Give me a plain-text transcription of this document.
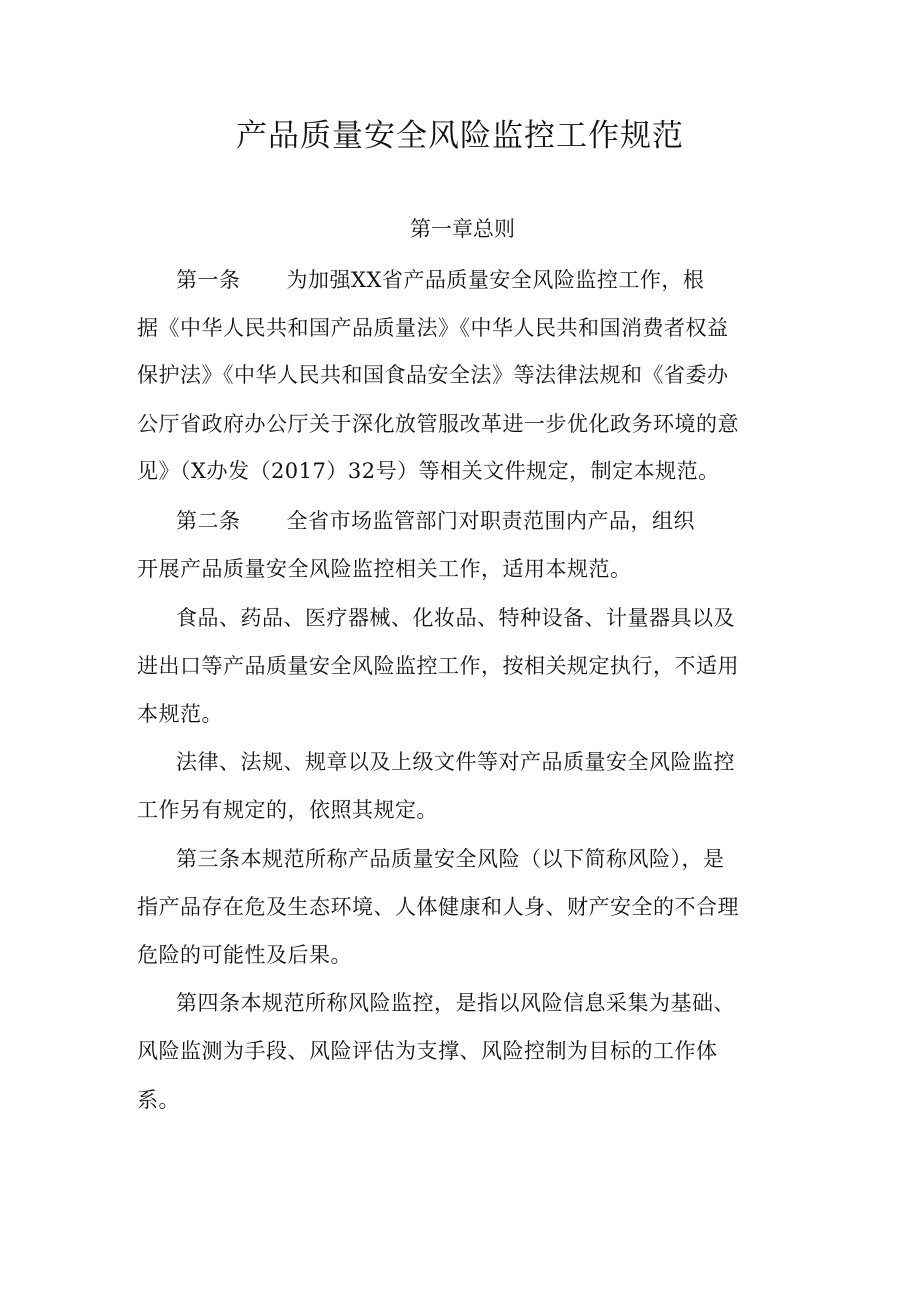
产品质量安全风险监控工作规范
第一章总则
第一条 为加强XX省产品质量安全风险监控工作，根
据《中华人民共和国产品质量法》《中华人民共和国消费者权益
保护法》《中华人民共和国食品安全法》等法律法规和《省委办
公厅省政府办公厅关于深化放管服改革进一步优化政务环境的意
见》（X办发（2017）32号）等相关文件规定，制定本规范。
第二条 全省市场监管部门对职责范围内产品，组织
开展产品质量安全风险监控相关工作，适用本规范。
食品、药品、医疗器械、化妆品、特种设备、计量器具以及
进出口等产品质量安全风险监控工作，按相关规定执行，不适用
本规范。
法律、法规、规章以及上级文件等对产品质量安全风险监控
工作另有规定的，依照其规定。
第三条本规范所称产品质量安全风险（以下简称风险），是
指产品存在危及生态环境、人体健康和人身、财产安全的不合理
危险的可能性及后果。
第四条本规范所称风险监控，是指以风险信息采集为基础、
风险监测为手段、风险评估为支撑、风险控制为目标的工作体
系。
